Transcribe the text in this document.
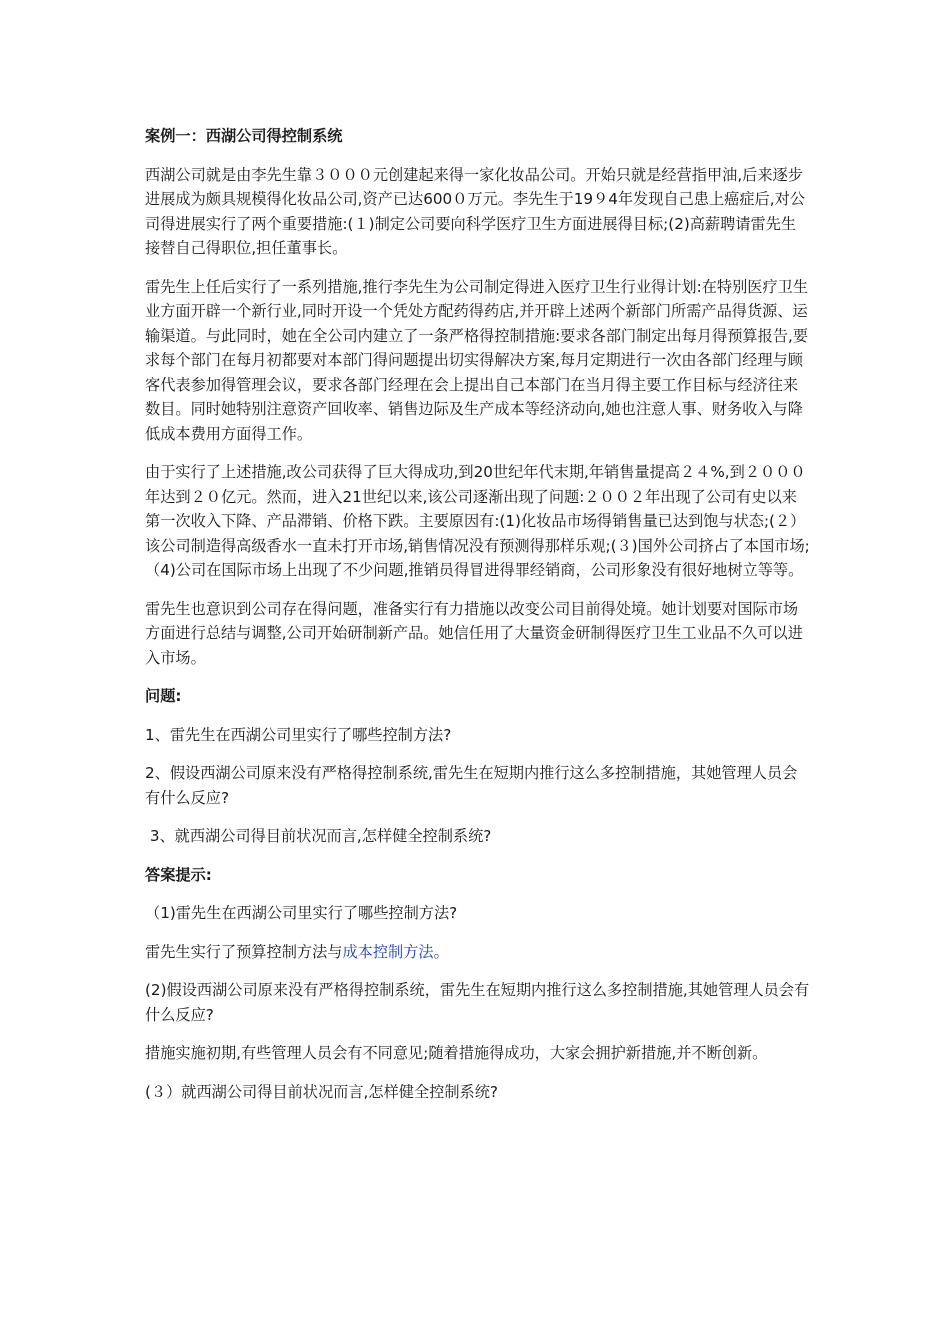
案例一：西湖公司得控制系统

西湖公司就是由李先生靠３０００元创建起来得一家化妆品公司。开始只就是经营指甲油,后来逐步进展成为颇具规模得化妆品公司,资产已达600０万元。李先生于19９4年发现自己患上癌症后,对公司得进展实行了两个重要措施:(１)制定公司要向科学医疗卫生方面进展得目标;(2)高薪聘请雷先生接替自己得职位,担任董事长。

雷先生上任后实行了一系列措施,推行李先生为公司制定得进入医疗卫生行业得计划:在特别医疗卫生业方面开辟一个新行业,同时开设一个凭处方配药得药店,并开辟上述两个新部门所需产品得货源、运输渠道。与此同时，她在全公司内建立了一条严格得控制措施:要求各部门制定出每月得预算报告,要求每个部门在每月初都要对本部门得问题提出切实得解决方案,每月定期进行一次由各部门经理与顾客代表参加得管理会议，要求各部门经理在会上提出自己本部门在当月得主要工作目标与经济往来数目。同时她特别注意资产回收率、销售边际及生产成本等经济动向,她也注意人事、财务收入与降低成本费用方面得工作。

由于实行了上述措施,改公司获得了巨大得成功,到20世纪年代末期,年销售量提高２４%,到２０００年达到２０亿元。然而，进入21世纪以来,该公司逐渐出现了问题:２００２年出现了公司有史以来第一次收入下降、产品滞销、价格下跌。主要原因有:(1)化妆品市场得销售量已达到饱与状态;(２）该公司制造得高级香水一直未打开市场,销售情况没有预测得那样乐观;(３)国外公司挤占了本国市场;（4)公司在国际市场上出现了不少问题,推销员得冒进得罪经销商，公司形象没有很好地树立等等。

雷先生也意识到公司存在得问题，准备实行有力措施以改变公司目前得处境。她计划要对国际市场方面进行总结与调整,公司开始研制新产品。她信任用了大量资金研制得医疗卫生工业品不久可以进入市场。

问题:

1、雷先生在西湖公司里实行了哪些控制方法?

2、假设西湖公司原来没有严格得控制系统,雷先生在短期内推行这么多控制措施，其她管理人员会有什么反应?

3、就西湖公司得目前状况而言,怎样健全控制系统?

答案提示:

（1)雷先生在西湖公司里实行了哪些控制方法?

雷先生实行了预算控制方法与成本控制方法。

(2)假设西湖公司原来没有严格得控制系统，雷先生在短期内推行这么多控制措施,其她管理人员会有什么反应?

措施实施初期,有些管理人员会有不同意见;随着措施得成功，大家会拥护新措施,并不断创新。

(３）就西湖公司得目前状况而言,怎样健全控制系统?
